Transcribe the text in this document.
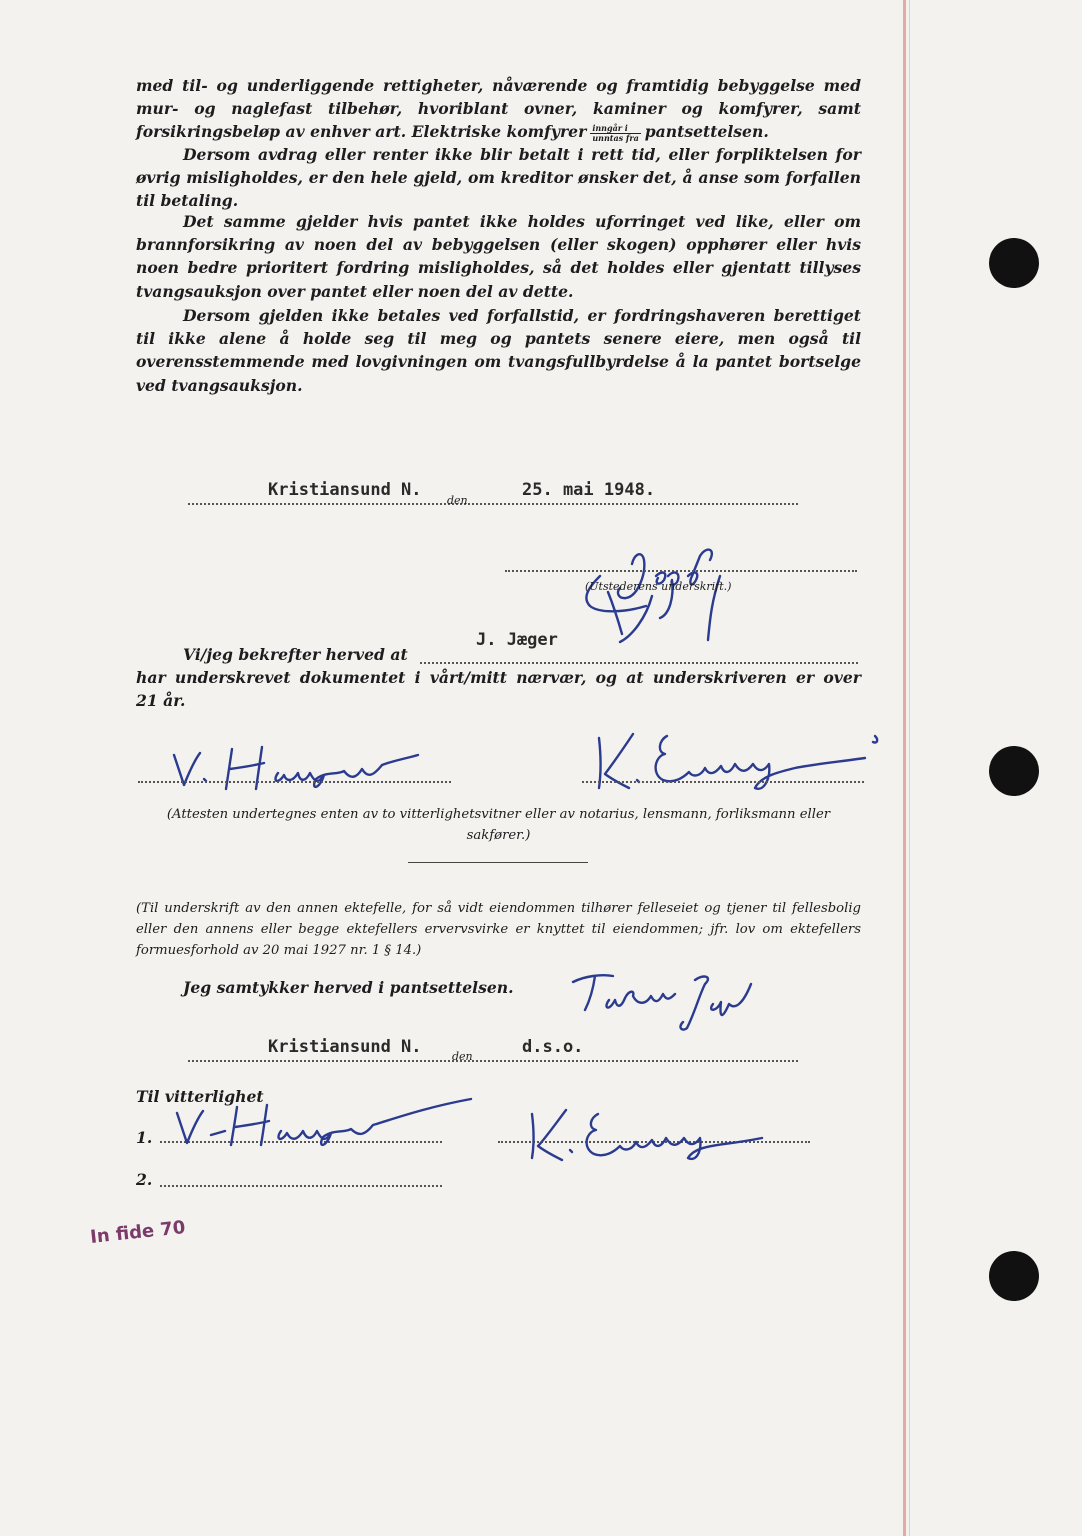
med til- og underliggende rettigheter, nåværende og framtidig bebyggelse med mur- og naglefast tilbehør, hvoriblant ovner, kaminer og komfyrer, samt forsikringsbeløp av enhver art. Elektriske komfyrer $\frac{\text{inngår i}}{\text{unntas fra}}$ pantsettelsen.

Dersom avdrag eller renter ikke blir betalt i rett tid, eller forpliktelsen for øvrig misligholdes, er den hele gjeld, om kreditor ønsker det, å anse som forfallen til betaling.

Det samme gjelder hvis pantet ikke holdes uforringet ved like, eller om brannforsikring av noen del av bebyggelsen (eller skogen) opphører eller hvis noen bedre prioritert fordring misligholdes, så det holdes eller gjentatt tillyses tvangsauksjon over pantet eller noen del av dette.

Dersom gjelden ikke betales ved forfallstid, er fordringshaveren berettiget til ikke alene å holde seg til meg og pantets senere eiere, men også til overensstemmende med lovgivningen om tvangsfullbyrdelse å la pantet bortselge ved tvangsauksjon.

Kristiansund N.
den
25. mai 1948.
(Utstederens underskrift.)
J. Jæger
Vi/jeg bekrefter herved at
har underskrevet dokumentet i vårt/mitt nærvær, og at underskriveren er over
21 år.

(Attesten undertegnes enten av to vitterlighetsvitner eller av notarius, lensmann, forliksmann eller sakfører.)

(Til underskrift av den annen ektefelle, for så vidt eiendommen tilhører felleseiet og tjener til fellesbolig eller den annens eller begge ektefellers ervervsvirke er knyttet til eiendommen; jfr. lov om ektefellers formuesforhold av 20 mai 1927 nr. 1 § 14.)

Jeg samtykker herved i pantsettelsen.
Kristiansund N.	den	d.s.o.
Til vitterlighet
1.
2.
In fide 70
